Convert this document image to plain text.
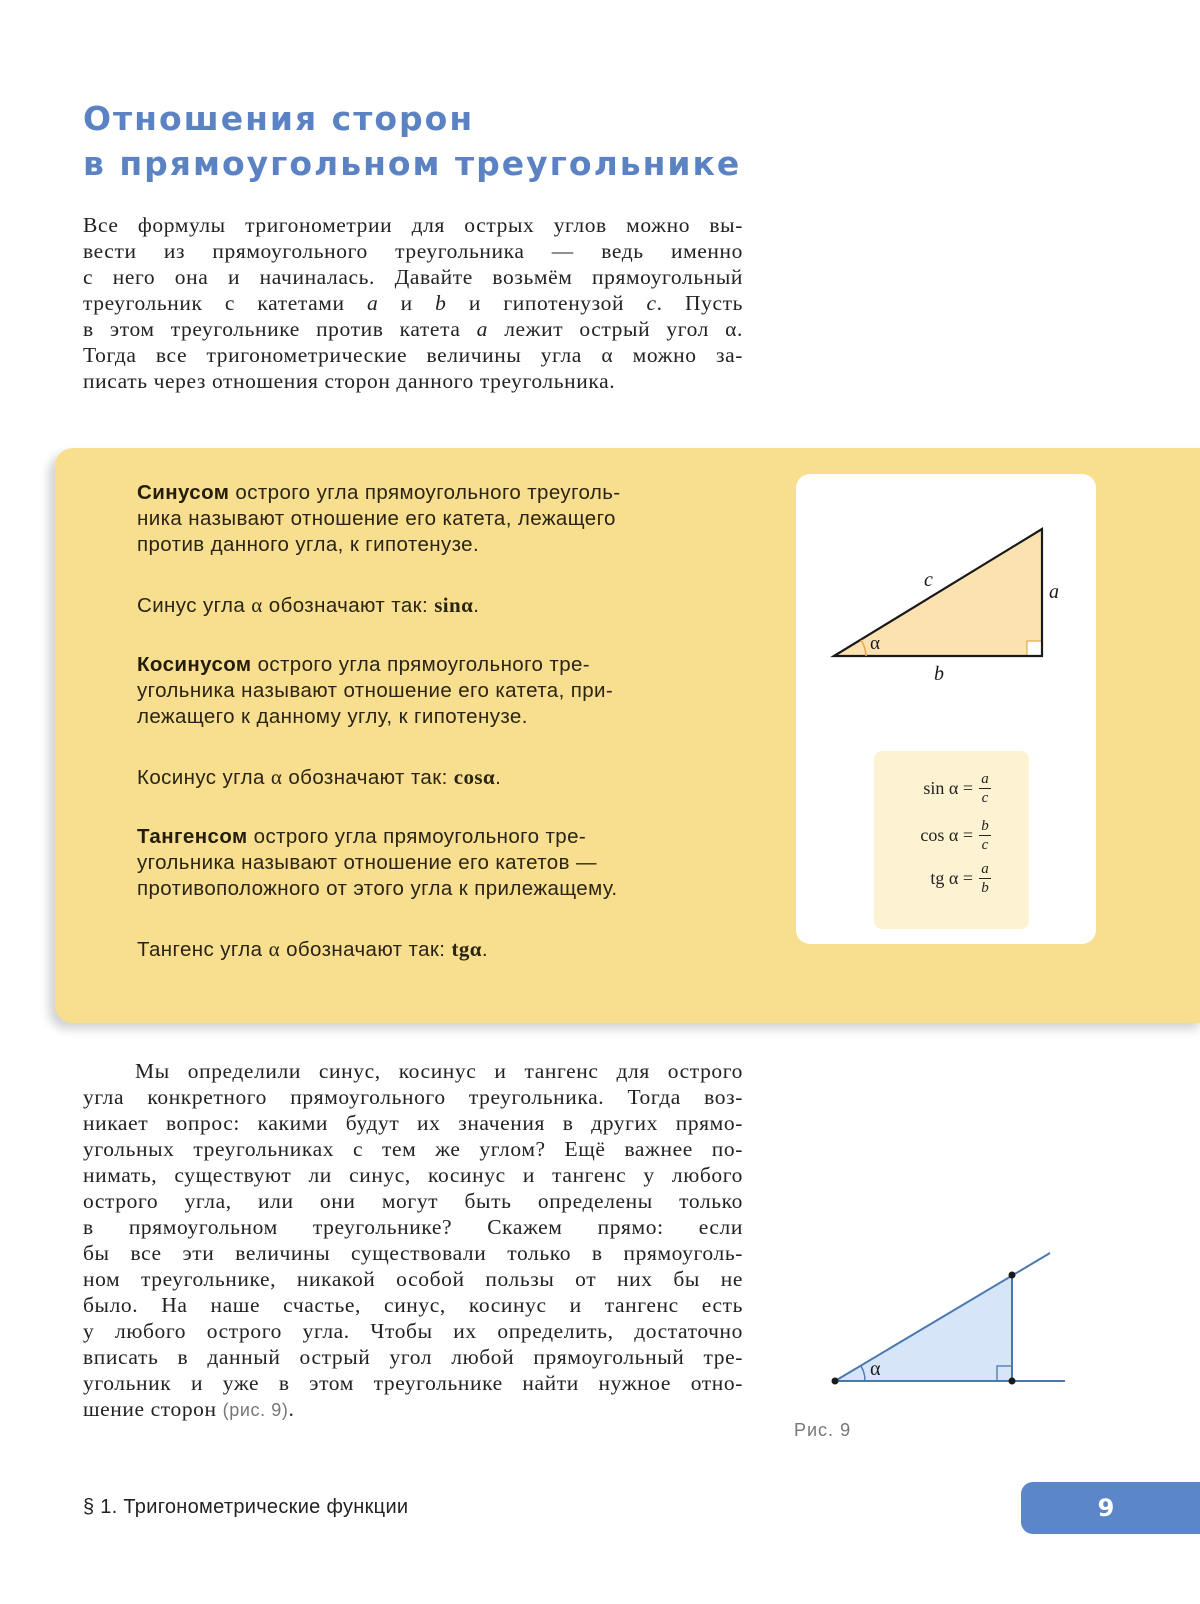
Отношения сторон
в прямоугольном треугольнике

Все формулы тригонометрии для острых углов можно вы-
вести из прямоугольного треугольника — ведь именно
с него она и начиналась. Давайте возьмём прямоугольный
треугольник с катетами a и b и гипотенузой c. Пусть
в этом треугольнике против катета a лежит острый угол α.
Тогда все тригонометрические величины угла α можно за-
писать через отношения сторон данного треугольника.

Синусом острого угла прямоугольного треуголь-
ника называют отношение его катета, лежащего
против данного угла, к гипотенузе.

Синус угла α обозначают так: sinα.

Косинусом острого угла прямоугольного тре-
угольника называют отношение его катета, при-
лежащего к данному углу, к гипотенузе.

Косинус угла α обозначают так: cosα.

Тангенсом острого угла прямоугольного тре-
угольника называют отношение его катетов —
противоположного от этого угла к прилежащему.

Тангенс угла α обозначают так: tgα.

c
a
b
α
$\sin \alpha = \frac{a}{c}$
$\cos \alpha = \frac{b}{c}$
tg $\alpha = \frac{a}{b}$

Мы определили синус, косинус и тангенс для острого
угла конкретного прямоугольного треугольника. Тогда воз-
никает вопрос: какими будут их значения в других прямо-
угольных треугольниках с тем же углом? Ещё важнее по-
нимать, существуют ли синус, косинус и тангенс у любого
острого угла, или они могут быть определены только
в прямоугольном треугольнике? Скажем прямо: если
бы все эти величины существовали только в прямоуголь-
ном треугольнике, никакой особой пользы от них бы не
было. На наше счастье, синус, косинус и тангенс есть
у любого острого угла. Чтобы их определить, достаточно
вписать в данный острый угол любой прямоугольный тре-
угольник и уже в этом треугольнике найти нужное отно-
шение сторон (рис. 9).

α
Рис. 9
§ 1. Тригонометрические функции	9
